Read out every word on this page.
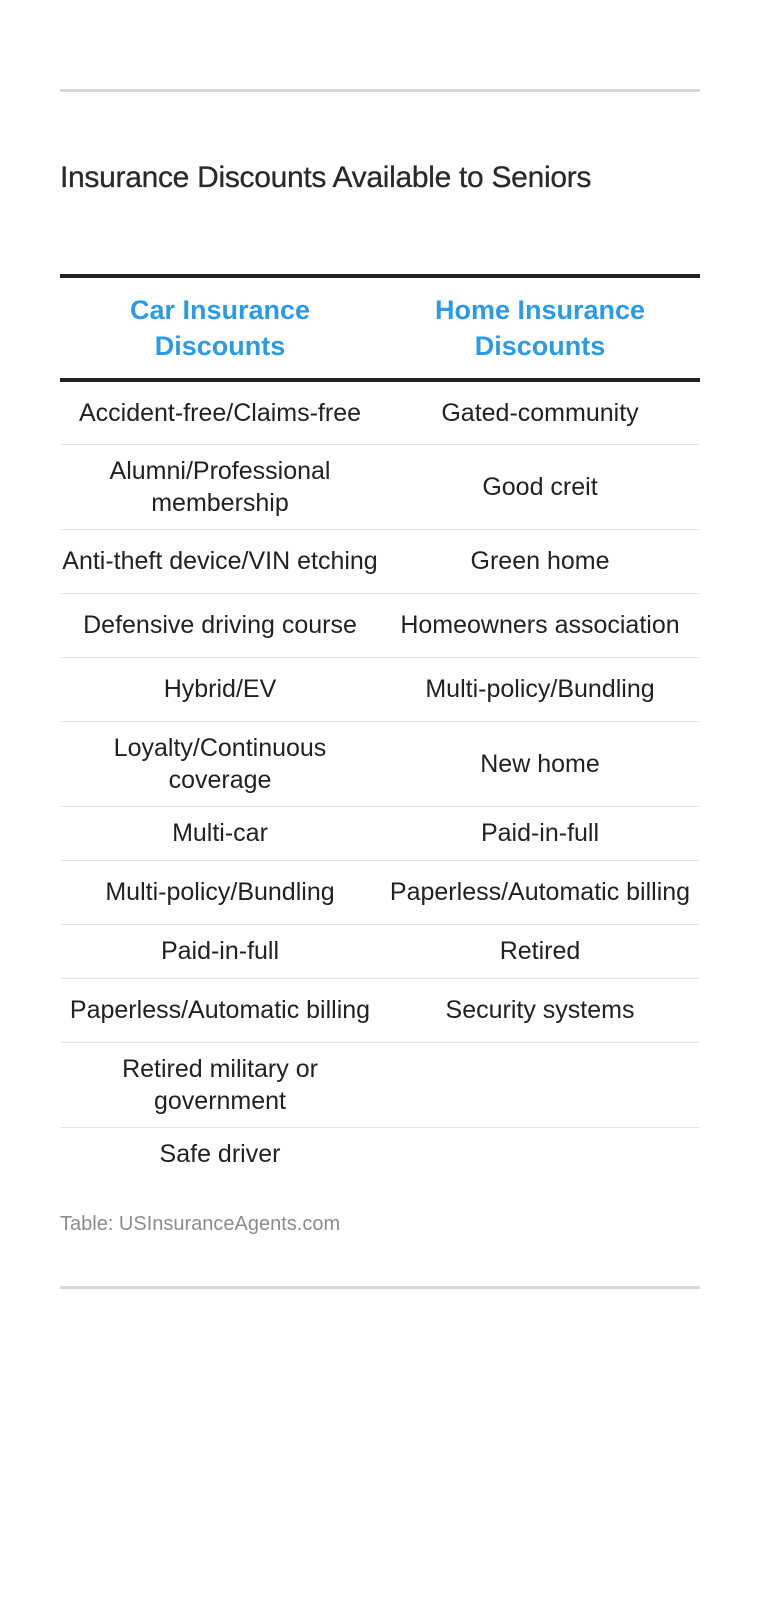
Insurance Discounts Available to Seniors
Car Insurance Discounts	Home Insurance Discounts
Accident-free/Claims-free	Gated-community
Alumni/Professional membership	Good creit
Anti-theft device/VIN etching	Green home
Defensive driving course	Homeowners association
Hybrid/EV	Multi-policy/Bundling
Loyalty/Continuous coverage	New home
Multi-car	Paid-in-full
Multi-policy/Bundling	Paperless/Automatic billing
Paid-in-full	Retired
Paperless/Automatic billing	Security systems
Retired military or government	
Safe driver	
Table: USInsuranceAgents.com
